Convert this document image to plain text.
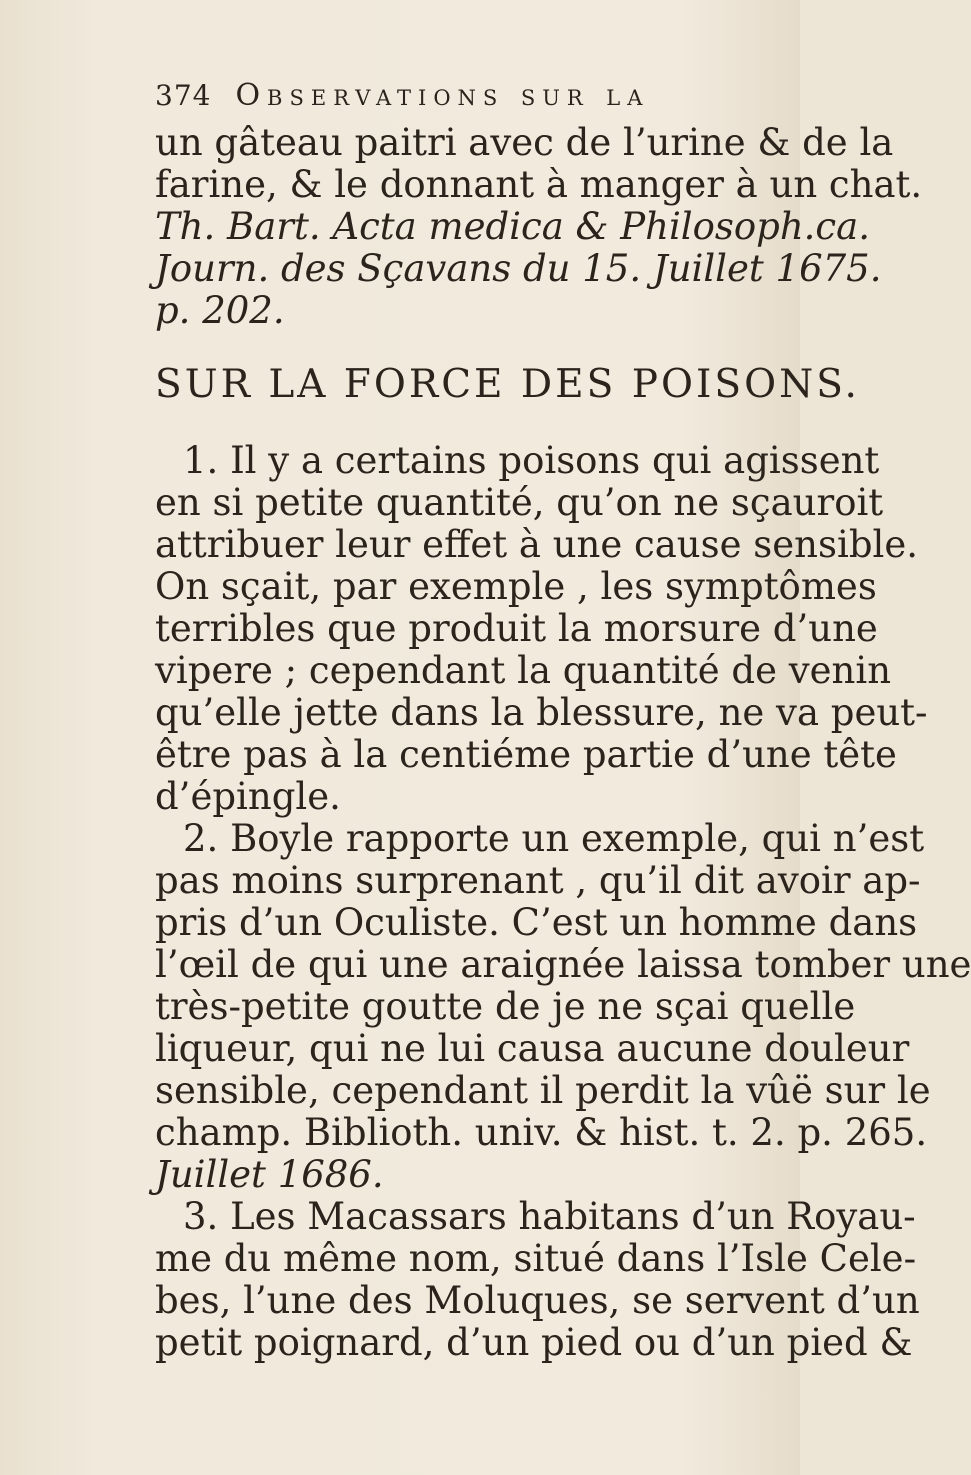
374 Observations sur la
un gâteau paitri avec de l’urine & de la
farine, & le donnant à manger à un chat.
Th. Bart. Acta medica & Philosoph.ca.
Journ. des Sçavans du 15. Juillet 1675.
p. 202.
SUR LA FORCE DES POISONS.
1. Il y a certains poisons qui agissent
en si petite quantité, qu’on ne sçauroit
attribuer leur effet à une cause sensible.
On sçait, par exemple , les symptômes
terribles que produit la morsure d’une
vipere ; cependant la quantité de venin
qu’elle jette dans la blessure, ne va peut-
être pas à la centiéme partie d’une tête
d’épingle.
2. Boyle rapporte un exemple, qui n’est
pas moins surprenant , qu’il dit avoir ap-
pris d’un Oculiste. C’est un homme dans
l’œil de qui une araignée laissa tomber une
très-petite goutte de je ne sçai quelle
liqueur, qui ne lui causa aucune douleur
sensible, cependant il perdit la vûë sur le
champ. Biblioth. univ. & hist. t. 2. p. 265.
Juillet 1686.
3. Les Macassars habitans d’un Royau-
me du même nom, situé dans l’Isle Cele-
bes, l’une des Moluques, se servent d’un
petit poignard, d’un pied ou d’un pied &
